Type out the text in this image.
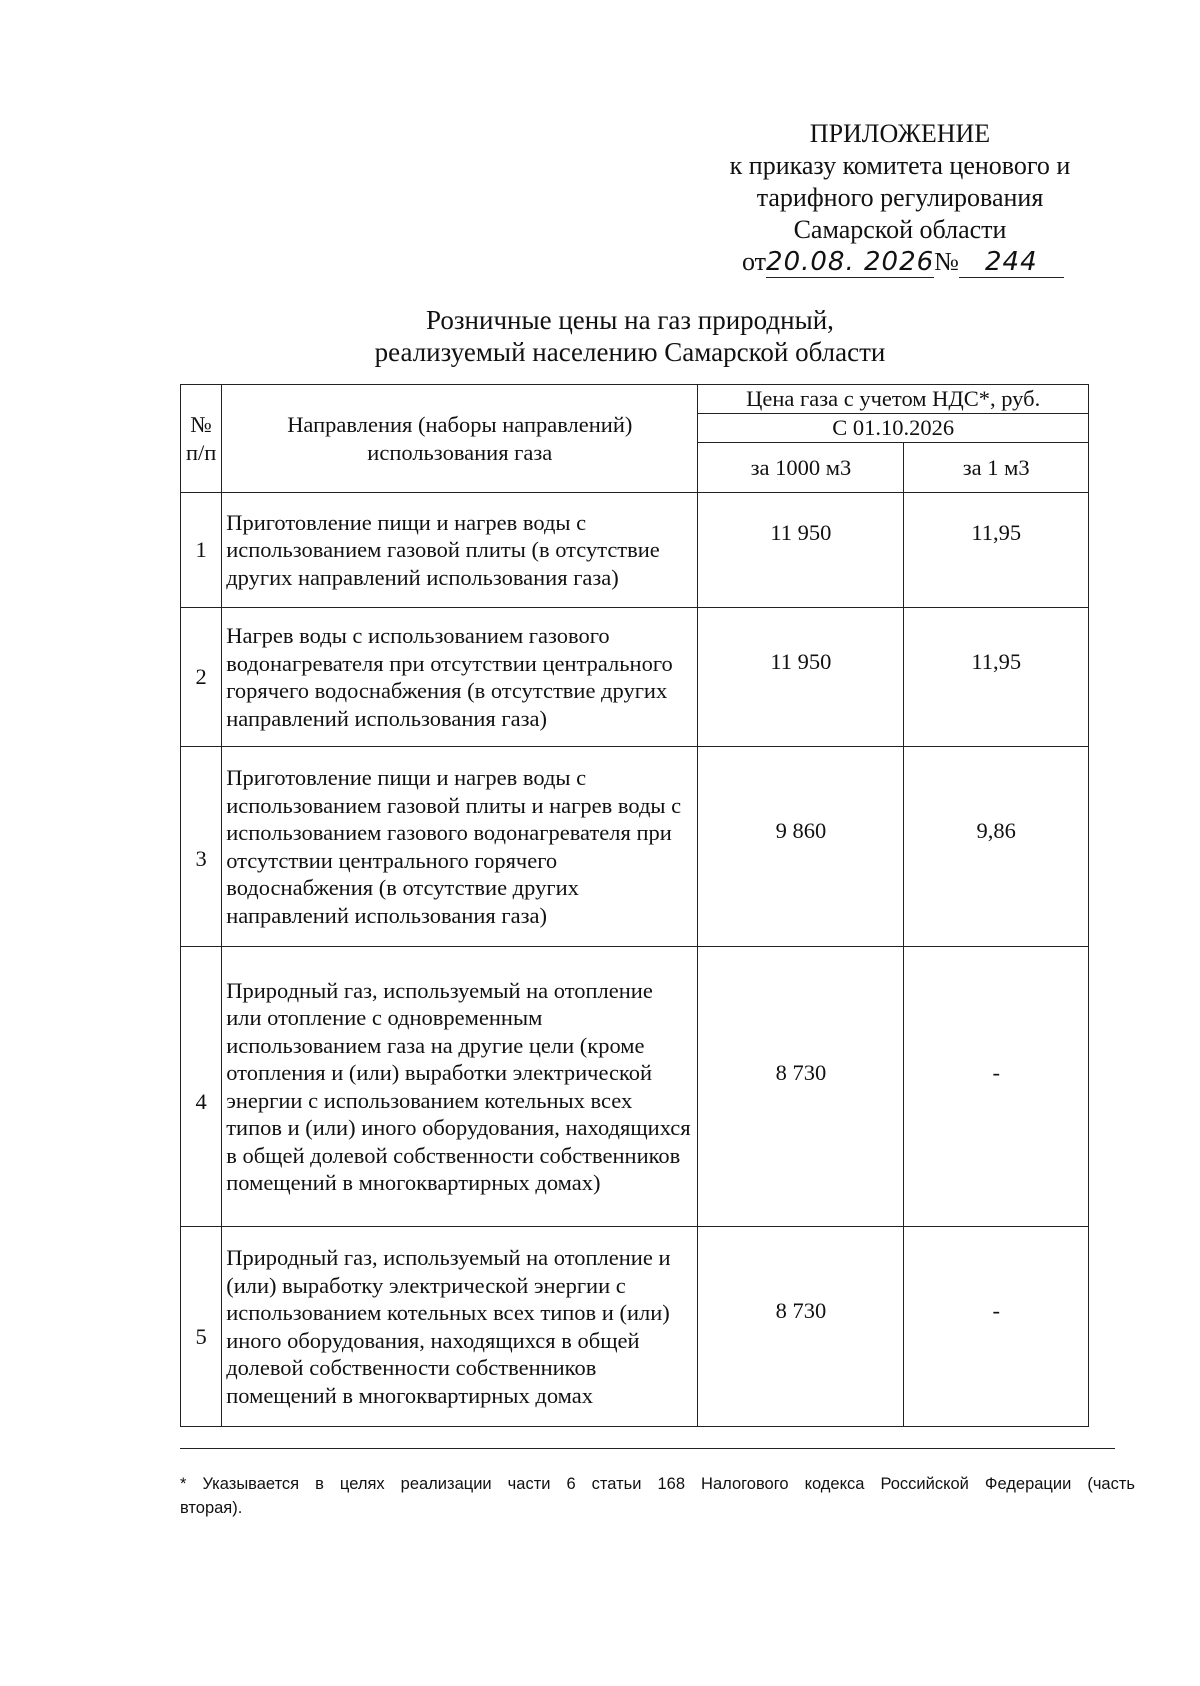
ПРИЛОЖЕНИЕ
к приказу комитета ценового и
тарифного регулирования
Самарской области
от20.08. 2026№ 244
Розничные цены на газ природный,
реализуемый населению Самарской области
№ п/п	Направления (наборы направлений) использования газа	Цена газа с учетом НДС*, руб.	
		С 01.10.2026	
		за 1000 м3	за 1 м3
1	Приготовление пищи и нагрев воды с использованием газовой плиты (в отсутствие других направлений использования газа)	11 950	11,95
2	Нагрев воды с использованием газового водонагревателя при отсутствии центрального горячего водоснабжения (в отсутствие других направлений использования газа)	11 950	11,95
3	Приготовление пищи и нагрев воды с использованием газовой плиты и нагрев воды с использованием газового водонагревателя при отсутствии центрального горячего водоснабжения (в отсутствие других направлений использования газа)	9 860	9,86
4	Природный газ, используемый на отопление или отопление с одновременным использованием газа на другие цели (кроме отопления и (или) выработки электрической энергии с использованием котельных всех типов и (или) иного оборудования, находящихся в общей долевой собственности собственников помещений в многоквартирных домах)	8 730	-
5	Природный газ, используемый на отопление и (или) выработку электрической энергии с использованием котельных всех типов и (или) иного оборудования, находящихся в общей долевой собственности собственников помещений в многоквартирных домах	8 730	-
* Указывается в целях реализации части 6 статьи 168 Налогового кодекса Российской Федерации (часть вторая).
